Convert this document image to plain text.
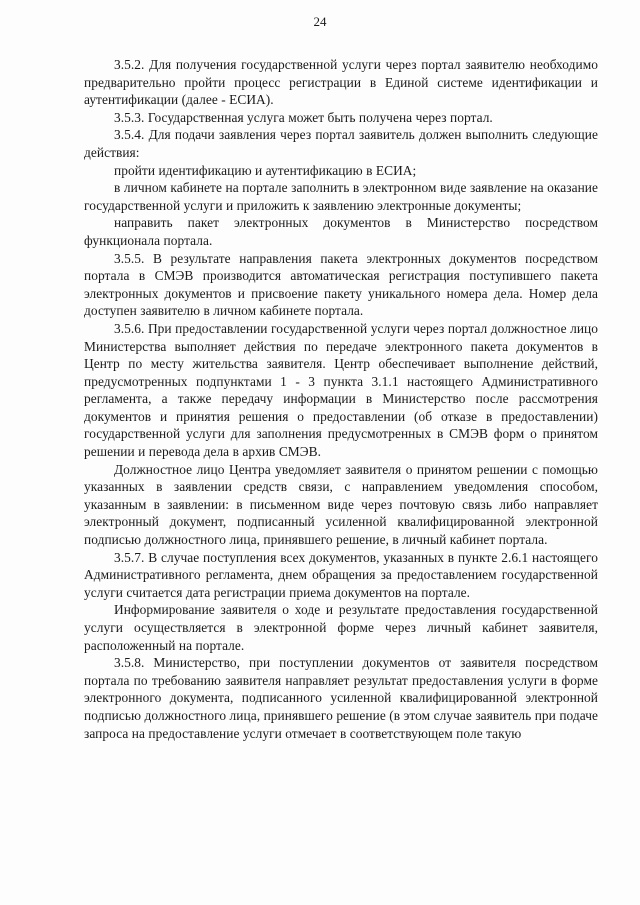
24

3.5.2. Для получения государственной услуги через портал заявителю необходимо предварительно пройти процесс регистрации в Единой системе идентификации и аутентификации (далее - ЕСИА).

3.5.3. Государственная услуга может быть получена через портал.

3.5.4. Для подачи заявления через портал заявитель должен выполнить следующие действия:

пройти идентификацию и аутентификацию в ЕСИА;

в личном кабинете на портале заполнить в электронном виде заявление на оказание государственной услуги и приложить к заявлению электронные документы;

направить пакет электронных документов в Министерство посредством функционала портала.

3.5.5. В результате направления пакета электронных документов посредством портала в СМЭВ производится автоматическая регистрация поступившего пакета электронных документов и присвоение пакету уникального номера дела. Номер дела доступен заявителю в личном кабинете портала.

3.5.6. При предоставлении государственной услуги через портал должностное лицо Министерства выполняет действия по передаче электронного пакета документов в Центр по месту жительства заявителя. Центр обеспечивает выполнение действий, предусмотренных подпунктами 1 - 3 пункта 3.1.1 настоящего Административного регламента, а также передачу информации в Министерство после рассмотрения документов и принятия решения о предоставлении (об отказе в предоставлении) государственной услуги для заполнения предусмотренных в СМЭВ форм о принятом решении и перевода дела в архив СМЭВ.

Должностное лицо Центра уведомляет заявителя о принятом решении с помощью указанных в заявлении средств связи, с направлением уведомления способом, указанным в заявлении: в письменном виде через почтовую связь либо направляет электронный документ, подписанный усиленной квалифицированной электронной подписью должностного лица, принявшего решение, в личный кабинет портала.

3.5.7. В случае поступления всех документов, указанных в пункте 2.6.1 настоящего Административного регламента, днем обращения за предоставлением государственной услуги считается дата регистрации приема документов на портале.

Информирование заявителя о ходе и результате предоставления государственной услуги осуществляется в электронной форме через личный кабинет заявителя, расположенный на портале.

3.5.8. Министерство, при поступлении документов от заявителя посредством портала по требованию заявителя направляет результат предоставления услуги в форме электронного документа, подписанного усиленной квалифицированной электронной подписью должностного лица, принявшего решение (в этом случае заявитель при подаче запроса на предоставление услуги отмечает в соответствующем поле такую
